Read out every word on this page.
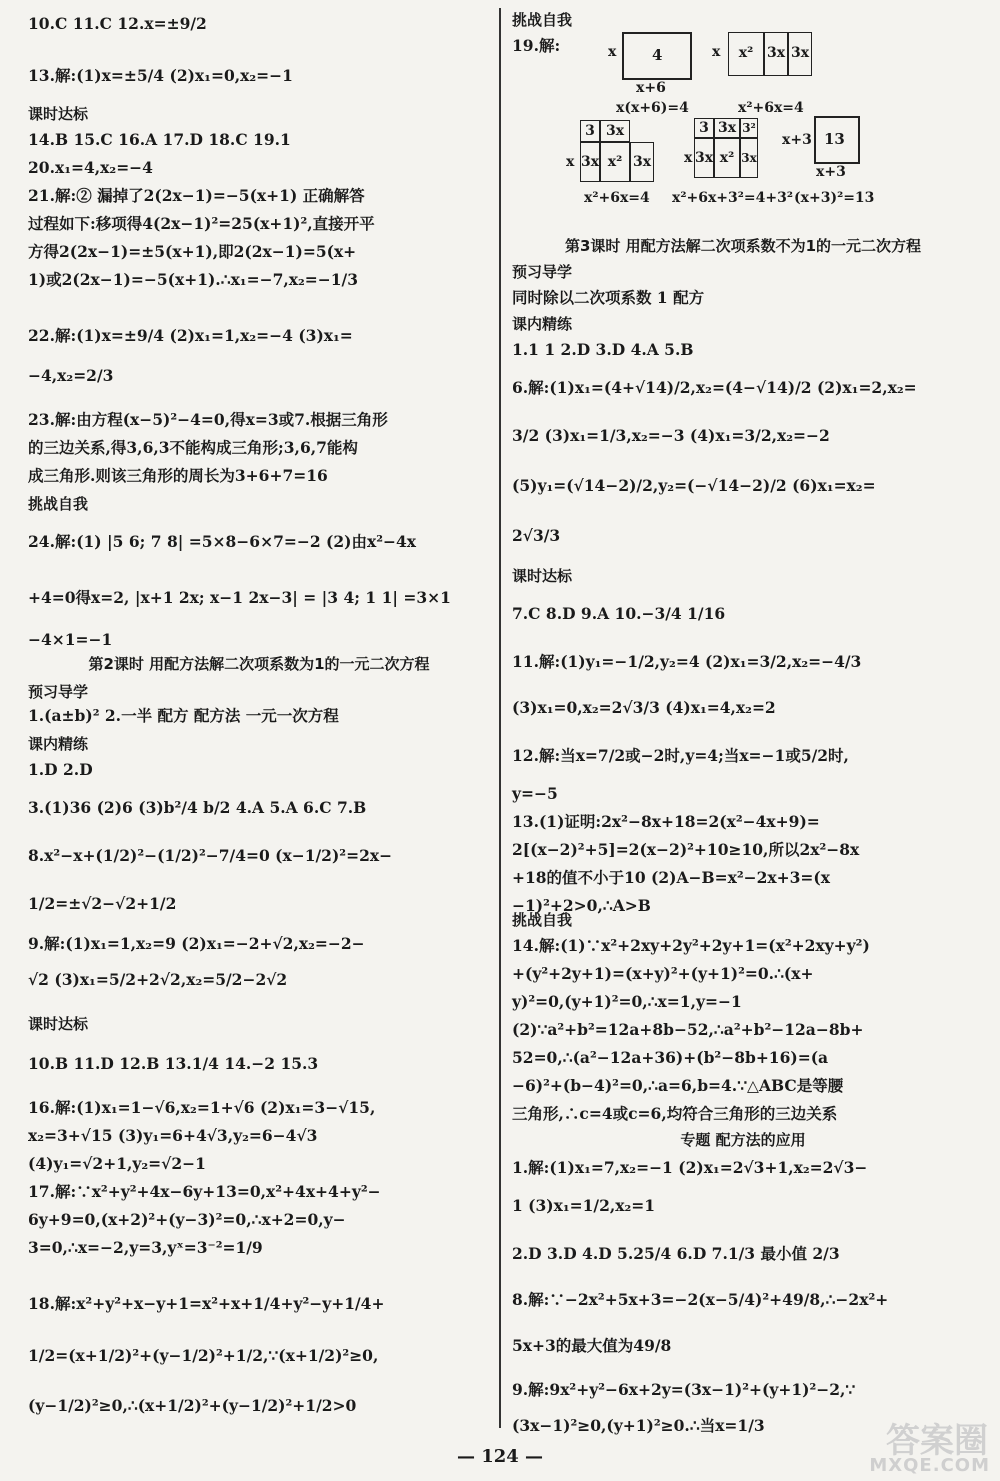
10.C 11.C 12.x=±9/2
13.解:(1)x=±5/4 (2)x₁=0,x₂=−1
课时达标
14.B 15.C 16.A 17.D 18.C 19.1
20.x₁=4,x₂=−4
21.解:② 漏掉了2(2x−1)=−5(x+1) 正确解答
过程如下:移项得4(2x−1)²=25(x+1)²,直接开平
方得2(2x−1)=±5(x+1),即2(2x−1)=5(x+
1)或2(2x−1)=−5(x+1).∴x₁=−7,x₂=−1/3
22.解:(1)x=±9/4 (2)x₁=1,x₂=−4 (3)x₁=
−4,x₂=2/3
23.解:由方程(x−5)²−4=0,得x=3或7.根据三角形
的三边关系,得3,6,3不能构成三角形;3,6,7能构
成三角形.则该三角形的周长为3+6+7=16
挑战自我
24.解:(1) |5 6; 7 8| =5×8−6×7=−2 (2)由x²−4x
+4=0得x=2, |x+1 2x; x−1 2x−3| = |3 4; 1 1| =3×1
−4×1=−1
第2课时 用配方法解二次项系数为1的一元二次方程
预习导学
1.(a±b)² 2.一半 配方 配方法 一元一次方程
课内精练
1.D 2.D
3.(1)36 (2)6 (3)b²/4 b/2 4.A 5.A 6.C 7.B
8.x²−x+(1/2)²−(1/2)²−7/4=0 (x−1/2)²=2x−
1/2=±√2−√2+1/2
9.解:(1)x₁=1,x₂=9 (2)x₁=−2+√2,x₂=−2−
√2 (3)x₁=5/2+2√2,x₂=5/2−2√2
课时达标
10.B 11.D 12.B 13.1/4 14.−2 15.3
16.解:(1)x₁=1−√6,x₂=1+√6 (2)x₁=3−√15,
x₂=3+√15 (3)y₁=6+4√3,y₂=6−4√3
(4)y₁=√2+1,y₂=√2−1
17.解:∵x²+y²+4x−6y+13=0,x²+4x+4+y²−
6y+9=0,(x+2)²+(y−3)²=0,∴x+2=0,y−
3=0,∴x=−2,y=3,yˣ=3⁻²=1/9
18.解:x²+y²+x−y+1=x²+x+1/4+y²−y+1/4+
1/2=(x+1/2)²+(y−1/2)²+1/2,∵(x+1/2)²≥0,
(y−1/2)²≥0,∴(x+1/2)²+(y−1/2)²+1/2>0
x 4
x+6
x(x+6)=4
x	x² 3x 3x
x²+6x=4
3 3x
x 3x x² 3x
x²+6x=4
3 3x 3²
x 3x x² 3x
x²+6x+3²=4+3²
x+3 13
x+3
(x+3)²=13
挑战自我
19.解:
第3课时 用配方法解二次项系数不为1的一元二次方程
预习导学
同时除以二次项系数 1 配方
课内精练
1.1 1 2.D 3.D 4.A 5.B
6.解:(1)x₁=(4+√14)/2,x₂=(4−√14)/2 (2)x₁=2,x₂=
3/2 (3)x₁=1/3,x₂=−3 (4)x₁=3/2,x₂=−2
(5)y₁=(√14−2)/2,y₂=(−√14−2)/2 (6)x₁=x₂=
2√3/3
课时达标
7.C 8.D 9.A 10.−3/4 1/16
11.解:(1)y₁=−1/2,y₂=4 (2)x₁=3/2,x₂=−4/3
(3)x₁=0,x₂=2√3/3 (4)x₁=4,x₂=2
12.解:当x=7/2或−2时,y=4;当x=−1或5/2时,
y=−5
13.(1)证明:2x²−8x+18=2(x²−4x+9)=
2[(x−2)²+5]=2(x−2)²+10≥10,所以2x²−8x
+18的值不小于10 (2)A−B=x²−2x+3=(x
−1)²+2>0,∴A>B
挑战自我
14.解:(1)∵x²+2xy+2y²+2y+1=(x²+2xy+y²)
+(y²+2y+1)=(x+y)²+(y+1)²=0.∴(x+
y)²=0,(y+1)²=0,∴x=1,y=−1
(2)∵a²+b²=12a+8b−52,∴a²+b²−12a−8b+
52=0,∴(a²−12a+36)+(b²−8b+16)=(a
−6)²+(b−4)²=0,∴a=6,b=4.∵△ABC是等腰
三角形,∴c=4或c=6,均符合三角形的三边关系
专题 配方法的应用
1.解:(1)x₁=7,x₂=−1 (2)x₁=2√3+1,x₂=2√3−
1 (3)x₁=1/2,x₂=1
2.D 3.D 4.D 5.25/4 6.D 7.1/3 最小值 2/3
8.解:∵−2x²+5x+3=−2(x−5/4)²+49/8,∴−2x²+
5x+3的最大值为49/8
9.解:9x²+y²−6x+2y=(3x−1)²+(y+1)²−2,∵
(3x−1)²≥0,(y+1)²≥0.∴当x=1/3
— 124 —	答案圈
MXQE.COM
